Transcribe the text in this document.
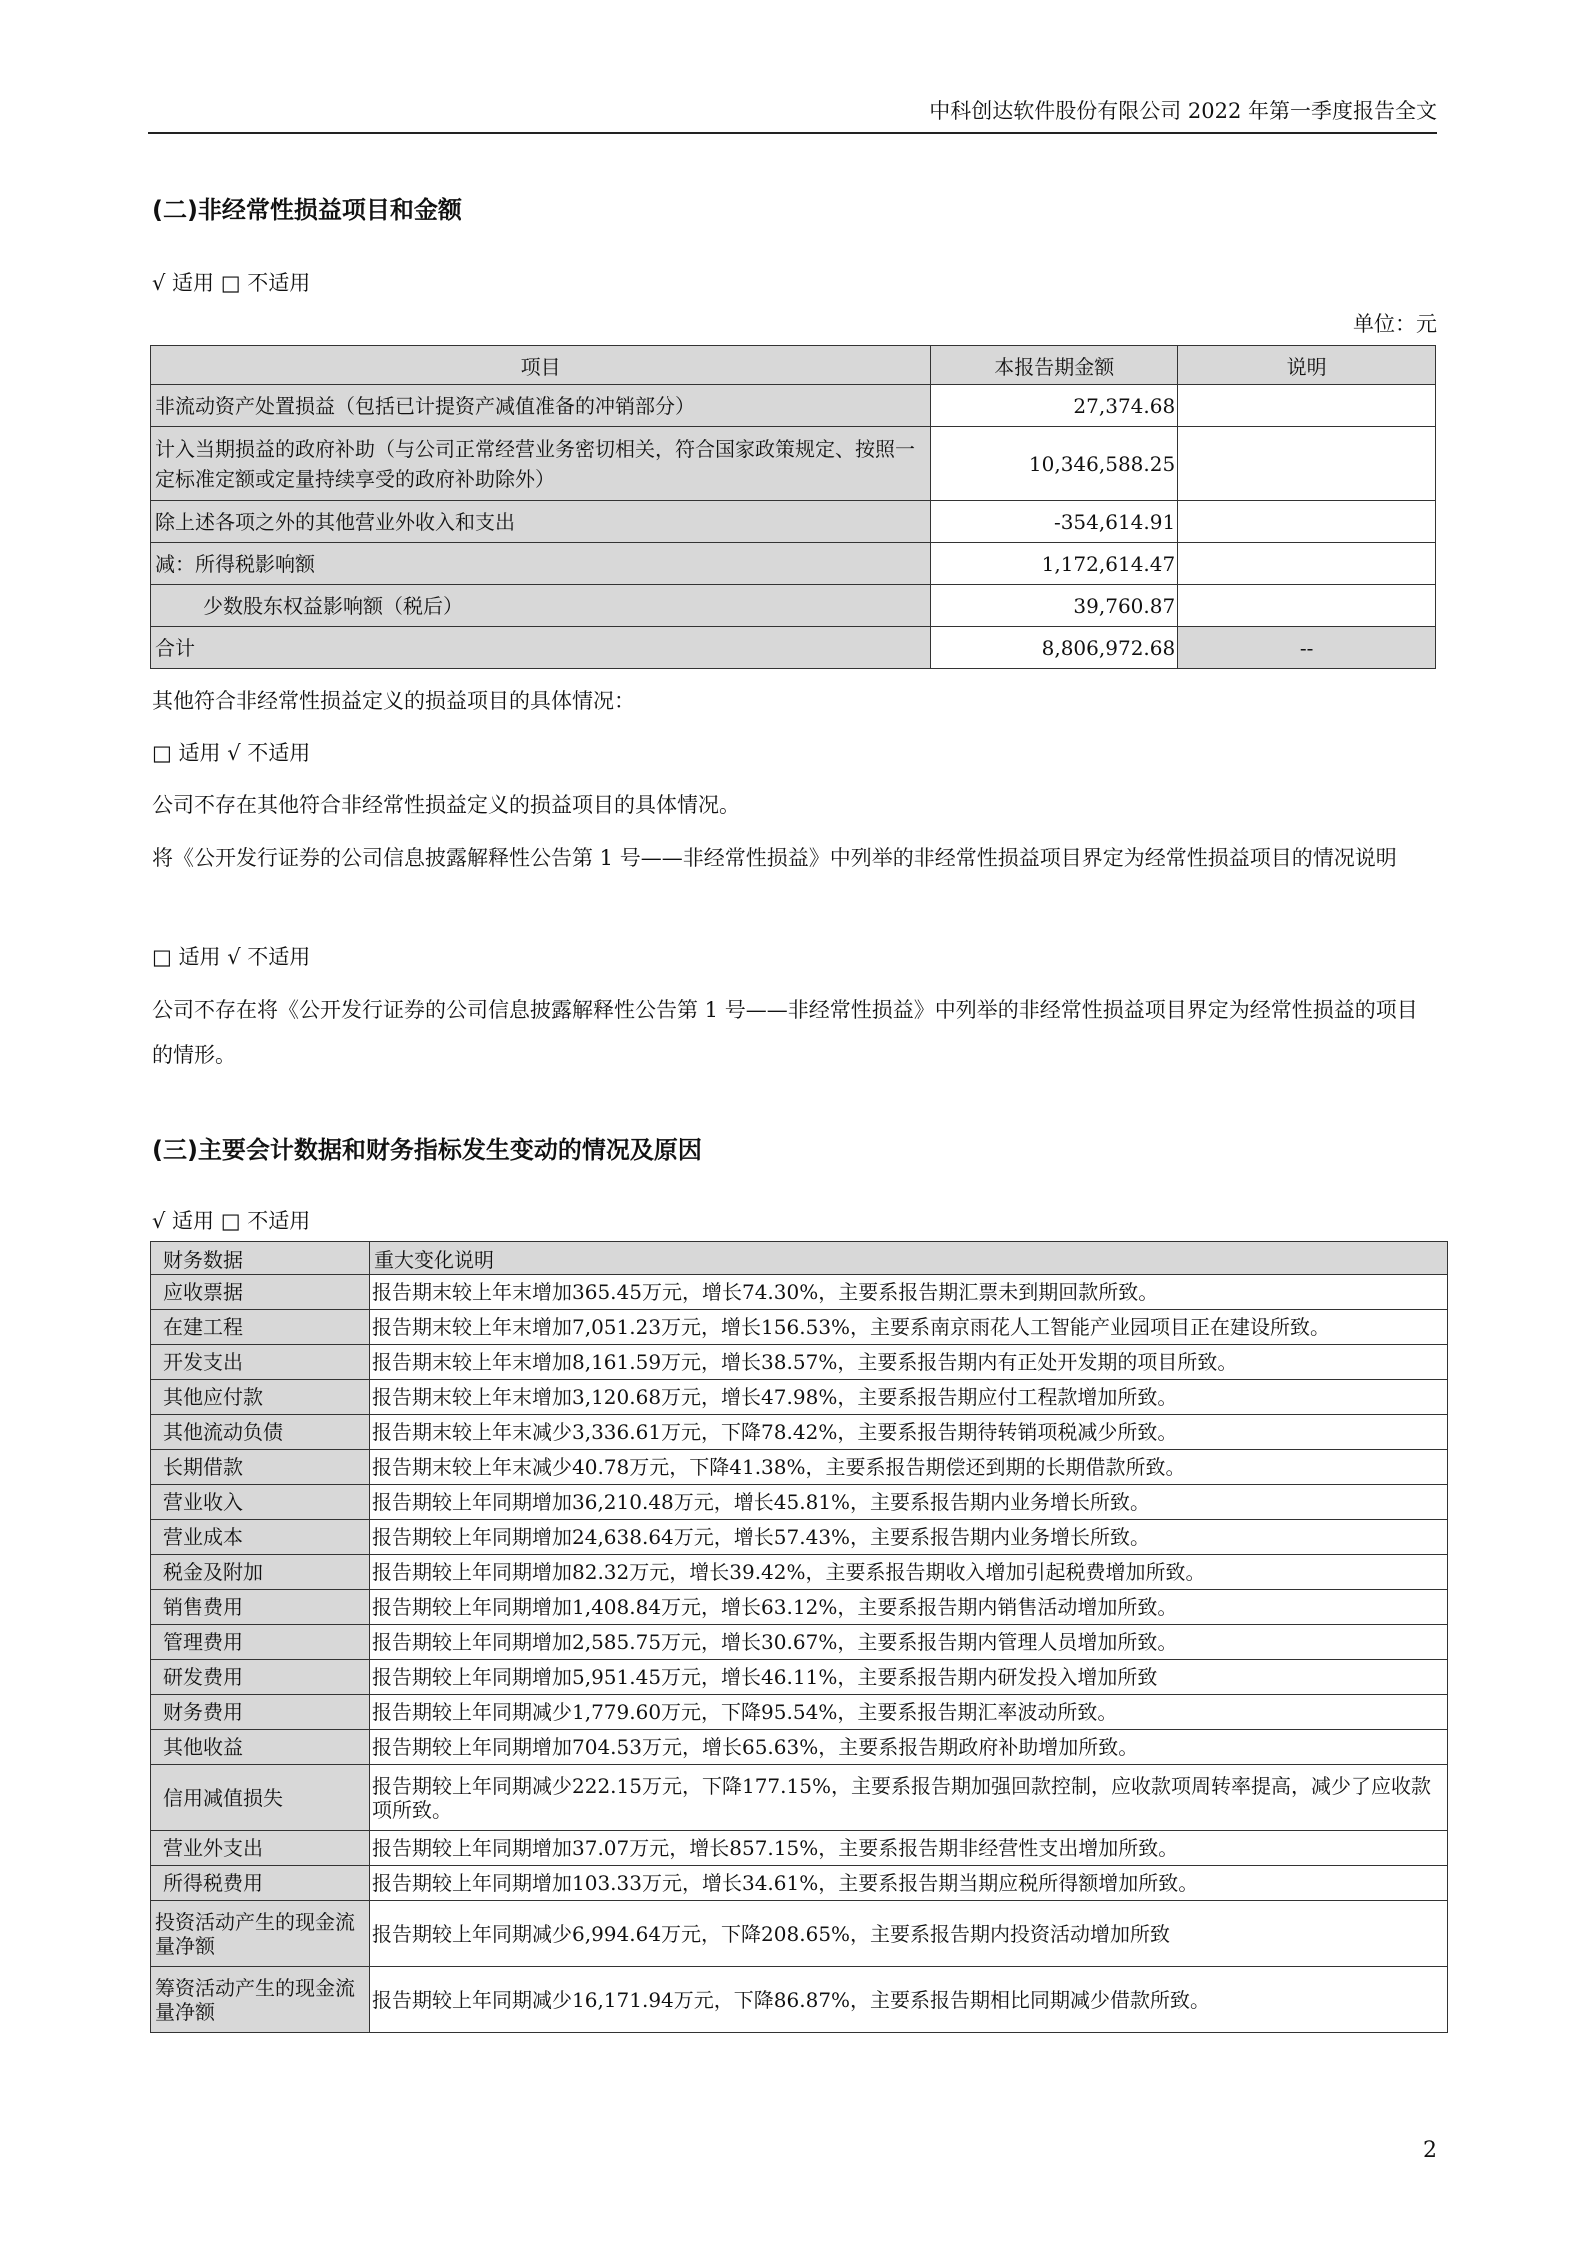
中科创达软件股份有限公司 2022 年第一季度报告全文
(二)非经常性损益项目和金额
√ 适用 □ 不适用
单位：元
项目	本报告期金额	说明
非流动资产处置损益（包括已计提资产减值准备的冲销部分）	27,374.68	
计入当期损益的政府补助（与公司正常经营业务密切相关，符合国家政策规定、按照一定标准定额或定量持续享受的政府补助除外）	10,346,588.25	
除上述各项之外的其他营业外收入和支出	-354,614.91	
减：所得税影响额	1,172,614.47	
少数股东权益影响额（税后）	39,760.87	
合计	8,806,972.68	--
其他符合非经常性损益定义的损益项目的具体情况：
□ 适用 √ 不适用
公司不存在其他符合非经常性损益定义的损益项目的具体情况。
将《公开发行证券的公司信息披露解释性公告第 1 号——非经常性损益》中列举的非经常性损益项目界定为经常性损益项目的情况说明
□ 适用 √ 不适用
公司不存在将《公开发行证券的公司信息披露解释性公告第 1 号——非经常性损益》中列举的非经常性损益项目界定为经常性损益的项目的情形。
(三)主要会计数据和财务指标发生变动的情况及原因
√ 适用 □ 不适用
财务数据	重大变化说明
应收票据	报告期末较上年末增加365.45万元，增长74.30%，主要系报告期汇票未到期回款所致。
在建工程	报告期末较上年末增加7,051.23万元，增长156.53%，主要系南京雨花人工智能产业园项目正在建设所致。
开发支出	报告期末较上年末增加8,161.59万元，增长38.57%，主要系报告期内有正处开发期的项目所致。
其他应付款	报告期末较上年末增加3,120.68万元，增长47.98%，主要系报告期应付工程款增加所致。
其他流动负债	报告期末较上年末减少3,336.61万元，下降78.42%，主要系报告期待转销项税减少所致。
长期借款	报告期末较上年末减少40.78万元，下降41.38%，主要系报告期偿还到期的长期借款所致。
营业收入	报告期较上年同期增加36,210.48万元，增长45.81%，主要系报告期内业务增长所致。
营业成本	报告期较上年同期增加24,638.64万元，增长57.43%，主要系报告期内业务增长所致。
税金及附加	报告期较上年同期增加82.32万元，增长39.42%，主要系报告期收入增加引起税费增加所致。
销售费用	报告期较上年同期增加1,408.84万元，增长63.12%，主要系报告期内销售活动增加所致。
管理费用	报告期较上年同期增加2,585.75万元，增长30.67%，主要系报告期内管理人员增加所致。
研发费用	报告期较上年同期增加5,951.45万元，增长46.11%，主要系报告期内研发投入增加所致
财务费用	报告期较上年同期减少1,779.60万元，下降95.54%，主要系报告期汇率波动所致。
其他收益	报告期较上年同期增加704.53万元，增长65.63%，主要系报告期政府补助增加所致。
信用减值损失	报告期较上年同期减少222.15万元，下降177.15%，主要系报告期加强回款控制，应收款项周转率提高，减少了应收款项所致。
营业外支出	报告期较上年同期增加37.07万元，增长857.15%，主要系报告期非经营性支出增加所致。
所得税费用	报告期较上年同期增加103.33万元，增长34.61%，主要系报告期当期应税所得额增加所致。
投资活动产生的现金流量净额	报告期较上年同期减少6,994.64万元，下降208.65%，主要系报告期内投资活动增加所致
筹资活动产生的现金流量净额	报告期较上年同期减少16,171.94万元，下降86.87%，主要系报告期相比同期减少借款所致。
2
